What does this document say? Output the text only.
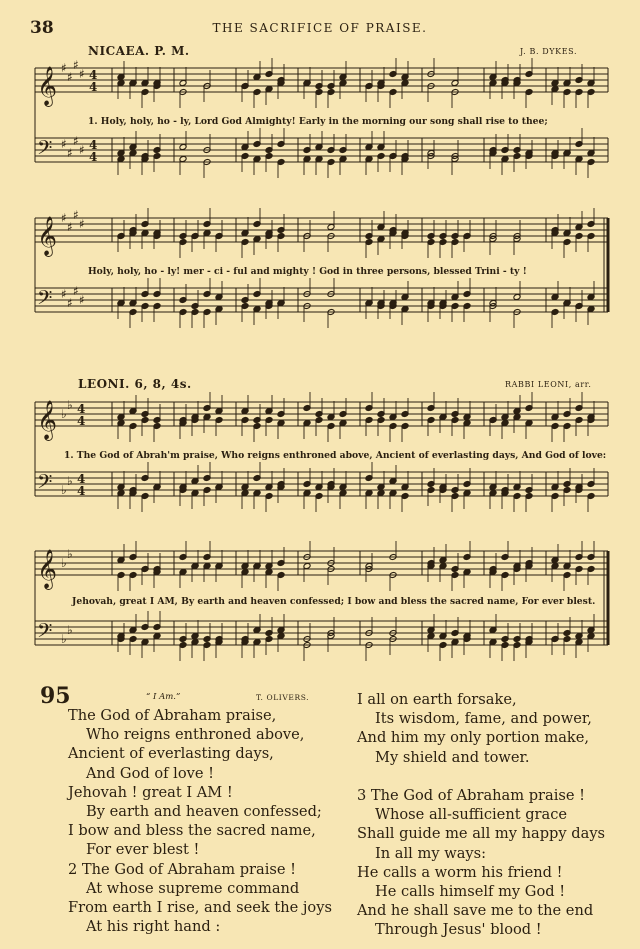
38	THE SACRIFICE OF PRAISE.
NICAEA. P. M.	J. B. DYKES.
𝄞 ♯
♯
♯
♯ 4
4
𝄢 ♯
♯
♯
♯ 4
4
1. Holy, holy, ho - ly, Lord God Almighty! Early in the morning our song shall rise to thee;
𝄞 ♯
♯
♯
♯
𝄢 ♯
♯
♯
♯
Holy, holy, ho - ly! mer - ci - ful and mighty ! God in three persons, blessed Trini - ty !
LEONI. 6, 8, 4s.	RABBI LEONI, arr.
𝄞 ♭
♭ 4
4
𝄢 ♭
♭ 4
4
1. The God of Abrah'm praise, Who reigns enthroned above, Ancient of everlasting days, And God of love:
𝄞 ♭
♭
𝄢 ♭
♭
Jehovah, great I AM, By earth and heaven confessed; I bow and bless the sacred name, For ever blest.
95	“ I Am.”	T. OLIVERS.
The God of Abraham praise,
Who reigns enthroned above,
Ancient of everlasting days,
And God of love !
Jehovah ! great I AM !
By earth and heaven confessed;
I bow and bless the sacred name,
For ever blest !
2 The God of Abraham praise !
At whose supreme command
From earth I rise, and seek the joys
At his right hand :
I all on earth forsake,
Its wisdom, fame, and power,
And him my only portion make,
My shield and tower.

3 The God of Abraham praise !
Whose all-sufficient grace
Shall guide me all my happy days
In all my ways:
He calls a worm his friend !
He calls himself my God !
And he shall save me to the end
Through Jesus' blood !
